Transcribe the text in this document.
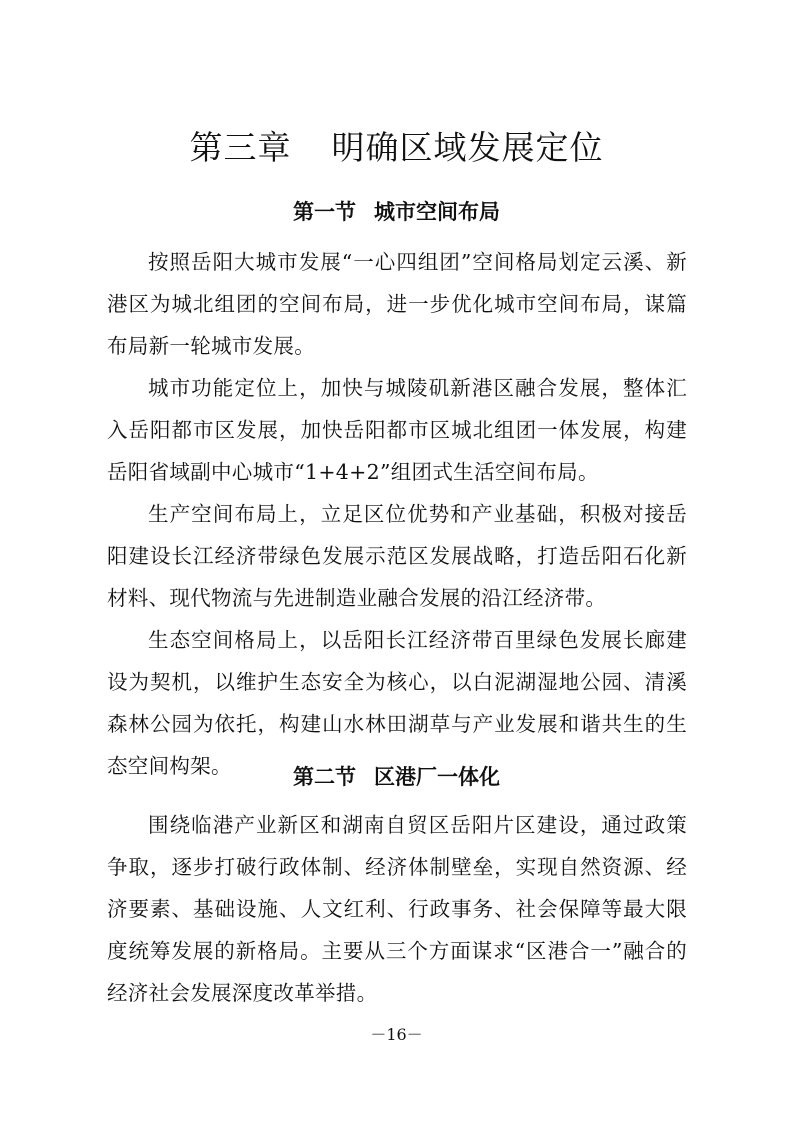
第三章 明确区域发展定位
第一节 城市空间布局

按照岳阳大城市发展“一心四组团”空间格局划定云溪、新港区为城北组团的空间布局，进一步优化城市空间布局，谋篇布局新一轮城市发展。

城市功能定位上，加快与城陵矶新港区融合发展，整体汇入岳阳都市区发展，加快岳阳都市区城北组团一体发展，构建岳阳省域副中心城市“1+4+2”组团式生活空间布局。

生产空间布局上，立足区位优势和产业基础，积极对接岳阳建设长江经济带绿色发展示范区发展战略，打造岳阳石化新材料、现代物流与先进制造业融合发展的沿江经济带。

生态空间格局上，以岳阳长江经济带百里绿色发展长廊建设为契机，以维护生态安全为核心，以白泥湖湿地公园、清溪森林公园为依托，构建山水林田湖草与产业发展和谐共生的生态空间构架。	第二节 区港厂一体化

围绕临港产业新区和湖南自贸区岳阳片区建设，通过政策争取，逐步打破行政体制、经济体制壁垒，实现自然资源、经济要素、基础设施、人文红利、行政事务、社会保障等最大限度统筹发展的新格局。主要从三个方面谋求“区港合一”融合的经济社会发展深度改革举措。

－16－
